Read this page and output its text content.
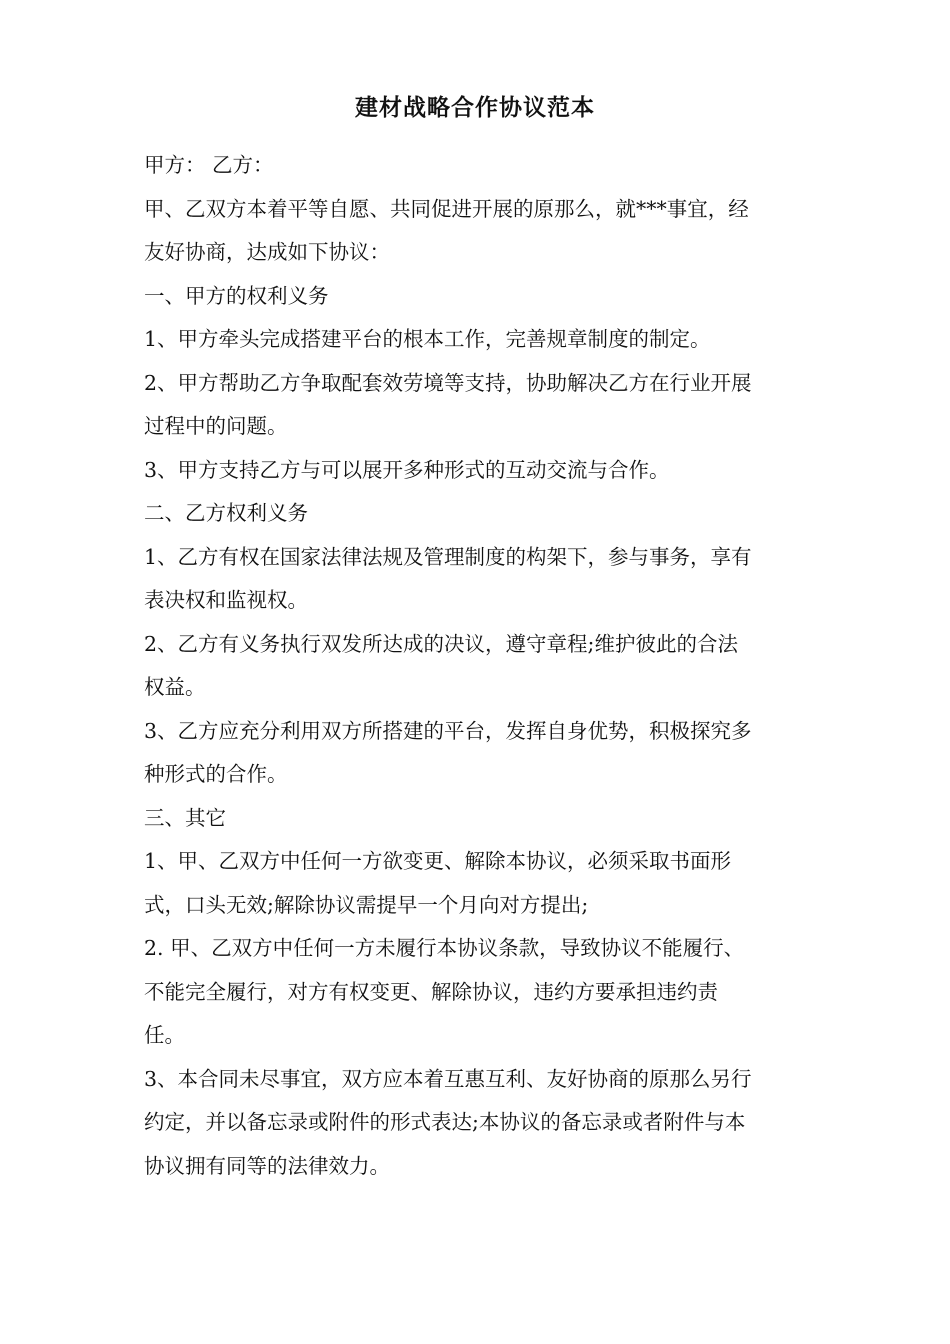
建材战略合作协议范本
甲方： 乙方：
甲、乙双方本着平等自愿、共同促进开展的原那么，就***事宜，经
友好协商，达成如下协议：
一、甲方的权利义务
1、甲方牵头完成搭建平台的根本工作，完善规章制度的制定。
2、甲方帮助乙方争取配套效劳境等支持，协助解决乙方在行业开展
过程中的问题。
3、甲方支持乙方与可以展开多种形式的互动交流与合作。
二、乙方权利义务
1、乙方有权在国家法律法规及管理制度的构架下，参与事务，享有
表决权和监视权。
2、乙方有义务执行双发所达成的决议，遵守章程;维护彼此的合法
权益。
3、乙方应充分利用双方所搭建的平台，发挥自身优势，积极探究多
种形式的合作。
三、其它
1、甲、乙双方中任何一方欲变更、解除本协议，必须采取书面形
式，口头无效;解除协议需提早一个月向对方提出;
2. 甲、乙双方中任何一方未履行本协议条款，导致协议不能履行、
不能完全履行，对方有权变更、解除协议，违约方要承担违约责
任。
3、本合同未尽事宜，双方应本着互惠互利、友好协商的原那么另行
约定，并以备忘录或附件的形式表达;本协议的备忘录或者附件与本
协议拥有同等的法律效力。
